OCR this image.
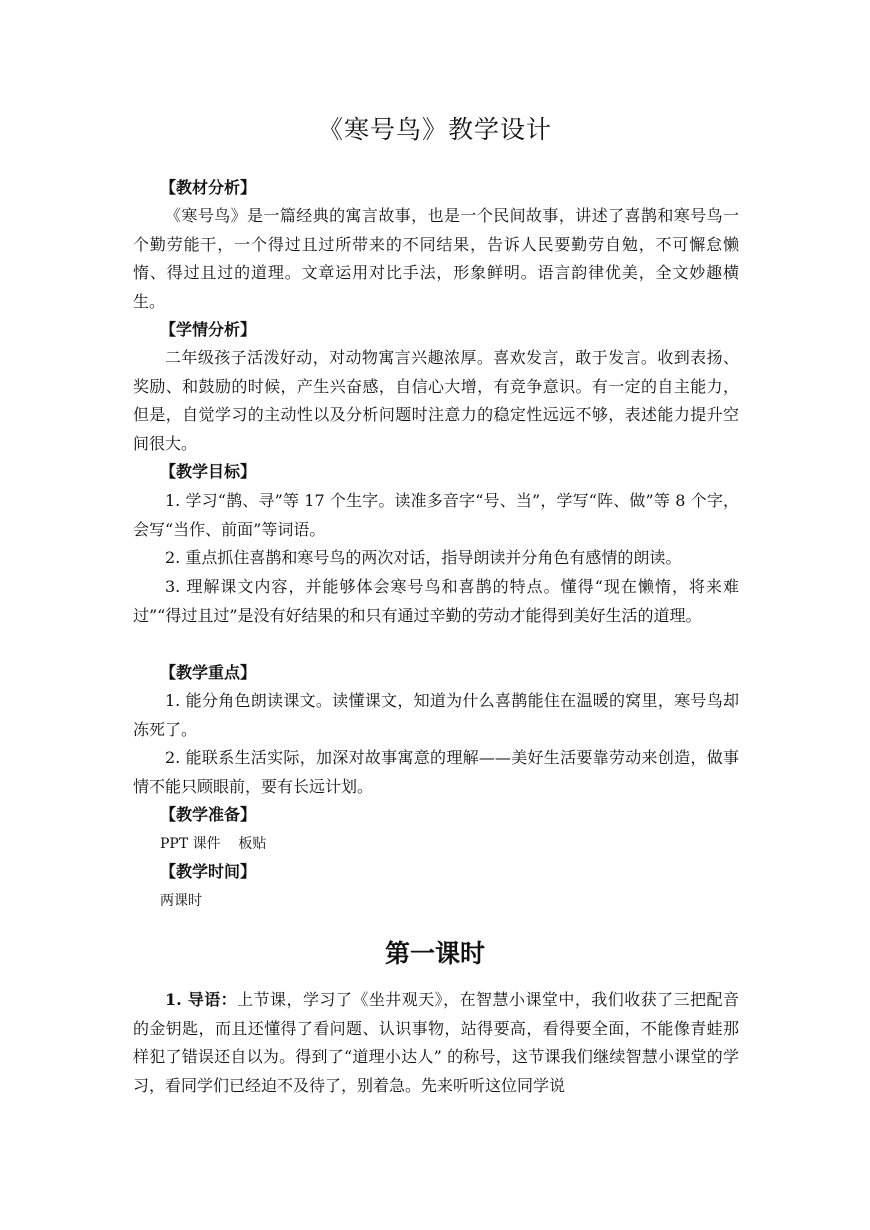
《寒号鸟》教学设计
【教材分析】

《寒号鸟》是一篇经典的寓言故事，也是一个民间故事，讲述了喜鹊和寒号鸟一个勤劳能干，一个得过且过所带来的不同结果，告诉人民要勤劳自勉，不可懈怠懒惰、得过且过的道理。文章运用对比手法，形象鲜明。语言韵律优美，全文妙趣横生。

【学情分析】

二年级孩子活泼好动，对动物寓言兴趣浓厚。喜欢发言，敢于发言。收到表扬、奖励、和鼓励的时候，产生兴奋感，自信心大增，有竞争意识。有一定的自主能力，但是，自觉学习的主动性以及分析问题时注意力的稳定性远远不够，表述能力提升空间很大。

【教学目标】

1. 学习“鹊、寻”等 17 个生字。读准多音字“号、当”，学写“阵、做”等 8 个字，会写“当作、前面”等词语。

2. 重点抓住喜鹊和寒号鸟的两次对话，指导朗读并分角色有感情的朗读。

3. 理解课文内容，并能够体会寒号鸟和喜鹊的特点。懂得“现在懒惰，将来难过”“得过且过”是没有好结果的和只有通过辛勤的劳动才能得到美好生活的道理。

【教学重点】

1. 能分角色朗读课文。读懂课文，知道为什么喜鹊能住在温暖的窝里，寒号鸟却冻死了。

2. 能联系生活实际，加深对故事寓意的理解——美好生活要靠劳动来创造，做事情不能只顾眼前，要有长远计划。

【教学准备】
PPT 课件    板贴
【教学时间】
两课时
第一课时

1. 导语：上节课，学习了《坐井观天》，在智慧小课堂中，我们收获了三把配音的金钥匙，而且还懂得了看问题、认识事物，站得要高，看得要全面，不能像青蛙那样犯了错误还自以为。得到了“道理小达人” 的称号，这节课我们继续智慧小课堂的学习，看同学们已经迫不及待了，别着急。先来听听这位同学说
